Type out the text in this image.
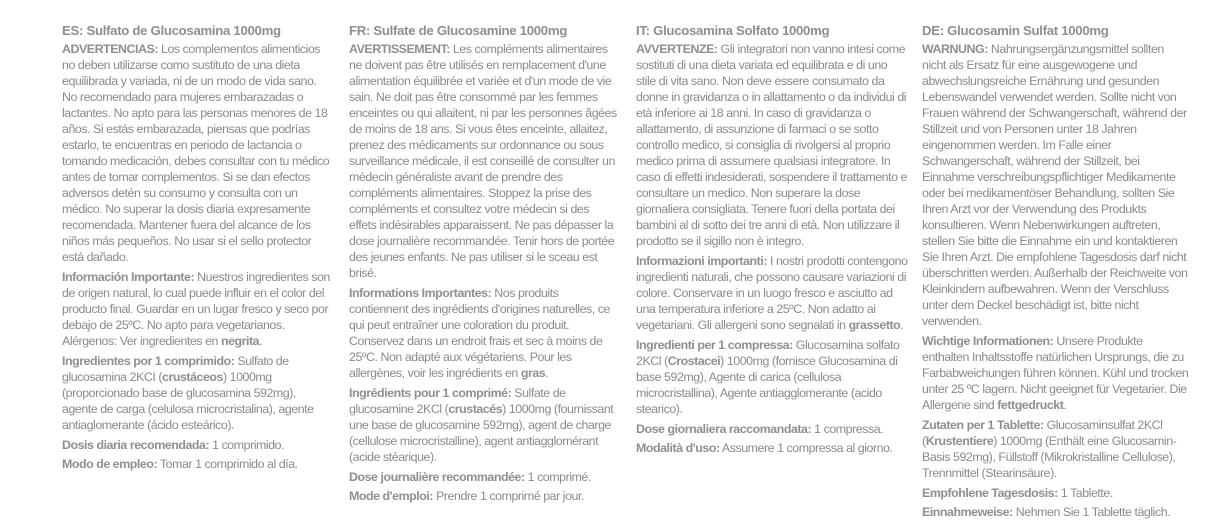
ES: Sulfato de Glucosamina 1000mg

ADVERTENCIAS: Los complementos alimenticios no deben utilizarse como sustituto de una dieta equilibrada y variada, ni de un modo de vida sano. No recomendado para mujeres embarazadas o lactantes. No apto para las personas menores de 18 años. Si estás embarazada, piensas que podrías estarlo, te encuentras en periodo de lactancia o tomando medicación, debes consultar con tu médico antes de tomar complementos. Si se dan efectos adversos detén su consumo y consulta con un médico. No superar la dosis diaria expresamente recomendada. Mantener fuera del alcance de los niños más pequeños. No usar si el sello protector está dañado.

Información Importante: Nuestros ingredientes son de origen natural, lo cual puede influir en el color del producto final. Guardar en un lugar fresco y seco por debajo de 25ºC. No apto para vegetarianos. Alérgenos: Ver ingredientes en negrita.

Ingredientes por 1 comprimido: Sulfato de glucosamina 2KCI (crustáceos) 1000mg (proporcionado base de glucosamina 592mg), agente de carga (celulosa microcristalina), agente antiaglomerante (ácido esteárico).

Dosis diaria recomendada: 1 comprimido.

Modo de empleo: Tomar 1 comprimido al día.

FR: Sulfate de Glucosamine 1000mg

AVERTISSEMENT: Les compléments alimentaires ne doivent pas être utilisés en remplacement d'une alimentation équilibrée et variée et d'un mode de vie sain. Ne doit pas être consommé par les femmes enceintes ou qui allaitent, ni par les personnes âgées de moins de 18 ans. Si vous êtes enceinte, allaitez, prenez des médicaments sur ordonnance ou sous surveillance médicale, il est conseillé de consulter un médecin généraliste avant de prendre des compléments alimentaires. Stoppez la prise des compléments et consultez votre médecin si des effets indésirables apparaissent. Ne pas dépasser la dose journalière recommandée. Tenir hors de portée des jeunes enfants. Ne pas utiliser si le sceau est brisé.

Informations Importantes: Nos produits contiennent des ingrédients d'origines naturelles, ce qui peut entraîner une coloration du produit. Conservez dans un endroit frais et sec à moins de 25ºC. Non adapté aux végétariens. Pour les allergènes, voir les ingrédients en gras.

Ingrédients pour 1 comprimé: Sulfate de glucosamine 2KCl (crustacés) 1000mg (fournissant une base de glucosamine 592mg), agent de charge (cellulose microcristalline), agent antiagglomérant (acide stéarique).

Dose journalière recommandée: 1 comprimé.

Mode d'emploi: Prendre 1 comprimé par jour.

IT: Glucosamina Solfato 1000mg

AVVERTENZE: Gli integratori non vanno intesi come sostituti di una dieta variata ed equilibrata e di uno stile di vita sano. Non deve essere consumato da donne in gravidanza o in allattamento o da individui di età inferiore ai 18 anni. In caso di gravidanza o allattamento, di assunzione di farmaci o se sotto controllo medico, si consiglia di rivolgersi al proprio medico prima di assumere qualsiasi integratore. In caso di effetti indesiderati, sospendere il trattamento e consultare un medico. Non superare la dose giornaliera consigliata. Tenere fuori della portata dei bambini al di sotto dei tre anni di età. Non utilizzare il prodotto se il sigillo non è integro.

Informazioni importanti: I nostri prodotti contengono ingredienti naturali, che possono causare variazioni di colore. Conservare in un luogo fresco e asciutto ad una temperatura inferiore a 25ºC. Non adatto ai vegetariani. Gli allergeni sono segnalati in grassetto.

Ingredienti per 1 compressa: Glucosamina solfato 2KCl (Crostacei) 1000mg (fornisce Glucosamina di base 592mg), Agente di carica (cellulosa microcristallina), Agente antiagglomerante (acido stearico).

Dose giornaliera raccomandata: 1 compressa.

Modalità d'uso: Assumere 1 compressa al giorno.

DE: Glucosamin Sulfat 1000mg

WARNUNG: Nahrungsergänzungsmittel sollten nicht als Ersatz für eine ausgewogene und abwechslungsreiche Ernährung und gesunden Lebenswandel verwendet werden. Sollte nicht von Frauen während der Schwangerschaft, während der Stillzeit und von Personen unter 18 Jahren eingenommen werden. Im Falle einer Schwangerschaft, während der Stillzeit, bei Einnahme verschreibungspflichtiger Medikamente oder bei medikamentöser Behandlung, sollten Sie Ihren Arzt vor der Verwendung des Produkts konsultieren. Wenn Nebenwirkungen auftreten, stellen Sie bitte die Einnahme ein und kontaktieren Sie Ihren Arzt. Die empfohlene Tagesdosis darf nicht überschritten werden. Außerhalb der Reichweite von Kleinkindern aufbewahren. Wenn der Verschluss unter dem Deckel beschädigt ist, bitte nicht verwenden.

Wichtige Informationen: Unsere Produkte enthalten Inhaltsstoffe natürlichen Ursprungs, die zu Farbabweichungen führen können. Kühl und trocken unter 25 ºC lagern. Nicht geeignet für Vegetarier. Die Allergene sind fettgedruckt.

Zutaten per 1 Tablette: Glucosaminsulfat 2KCl (Krustentiere) 1000mg (Enthält eine Glucosamin-Basis 592mg), Füllstoff (Mikrokristalline Cellulose), Trennmittel (Stearinsäure).

Empfohlene Tagesdosis: 1 Tablette.

Einnahmeweise: Nehmen Sie 1 Tablette täglich.
